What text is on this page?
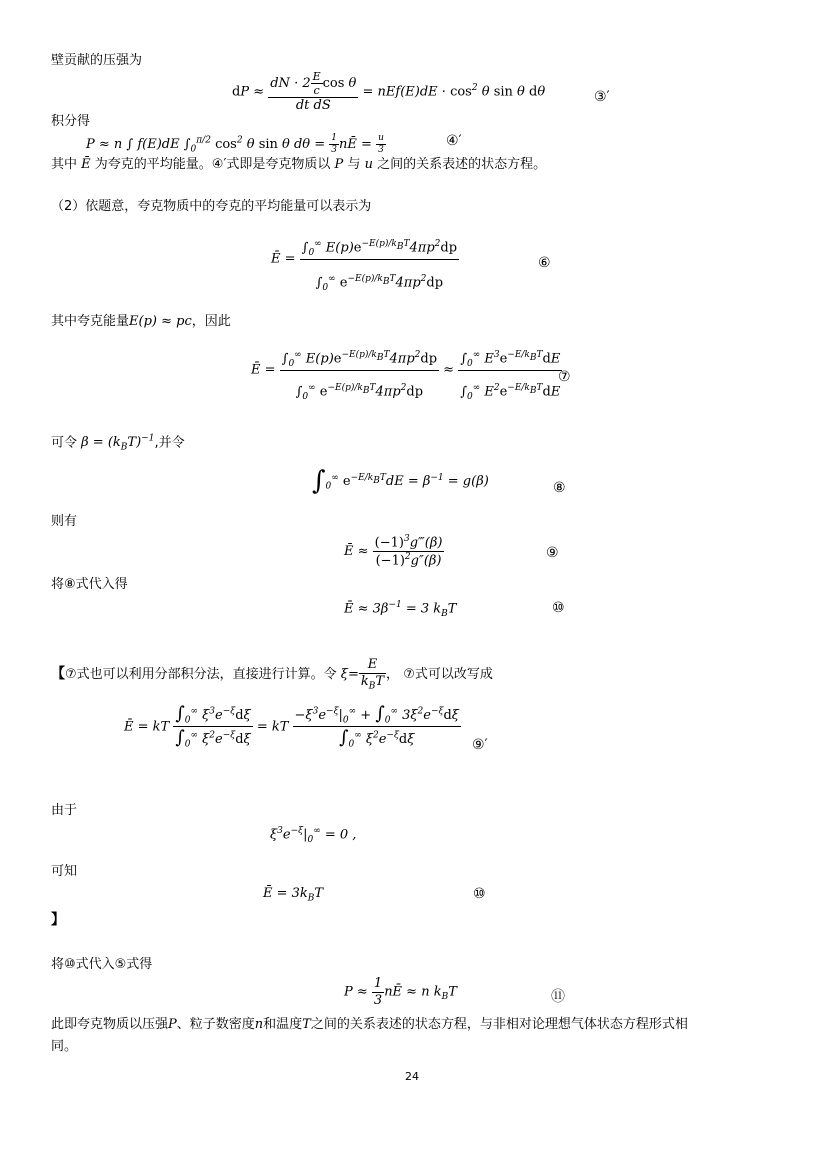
壁贡献的压强为
dP ≈ $\frac{dN \cdot 2 \frac{E}{c} \cos \theta}{\text{dt dS}} = nEf(E)dE \cdot \cos^2 \theta$ sin θ dθ	③′
积分得
P ≈ n ∫ f(E)dE $\int_0^{\pi/2}$ $\cos^2 \theta$ sin θ $d\theta = \frac{1}{3}$ nĒ = $\frac{u}{3}$	④′
其中 Ē 为夸克的平均能量。④′式即是夸克物质以 P 与 u 之间的关系表述的状态方程。
（2）依题意，夸克物质中的夸克的平均能量可以表示为
Ē = $\frac{\int_0^\infty E(p)e^{-E(p)/k_BT}4\pi p^2dp}{\int_0^\infty e^{-E(p)/k_BT}4\pi p^2dp}$	⑥
其中夸克能量E(p) ≈ pc，因此
Ē = $\frac{\int_0^\infty E(p)e^{-E(p)/k_BT}4\pi p^2dp}{\int_0^\infty e^{-E(p)/k_BT}4\pi p^2dp} \approx \frac{\int_0^\infty E^3e^{-E/k_BT}dE}{\int_0^\infty E^2e^{-E/k_BT}dE}$
⑦
可令 $\beta = (k_BT)^{-1}$,并令
$\int_0^\infty$ $e^{-E/k_BT}dE = \beta^{-1} = g(\beta)$	⑧
则有
Ē ≈ $\frac{(-1)^3g‴(\beta)}{(-1)^2g''(\beta)}$	⑨
将⑧式代入得
Ē ≈ $3\beta^{-1} = 3$ $k_BT$	⑩
【⑦式也可以利用分部积分法，直接进行计算。令 $\xi= \frac{E}{k_BT}$ ， ⑦式可以改写成
Ē = kT $\frac{\int_0^\infty \xi^3e^{-\xi}d\xi}{\int_0^\infty \xi^2e^{-\xi}d\xi}$ = kT $\frac{-\xi^3e^{-\xi}|_0^\infty + \int_0^\infty 3\xi^2e^{-\xi}d\xi}{\int_0^\infty \xi^2e^{-\xi}d\xi}$ ⑨′
由于
$\xi^3e^{-\xi}|_0^\infty = 0$ ,
可知
Ē = $3k_BT$	⑩
】
将⑩式代入⑤式得
$P \approx \frac{1}{3}$ nĒ ≈ n $k_BT$	⑪
此即夸克物质以压强P、粒子数密度n和温度T之间的关系表述的状态方程，与非相对论理想气体状态方程形式相
同。
24
